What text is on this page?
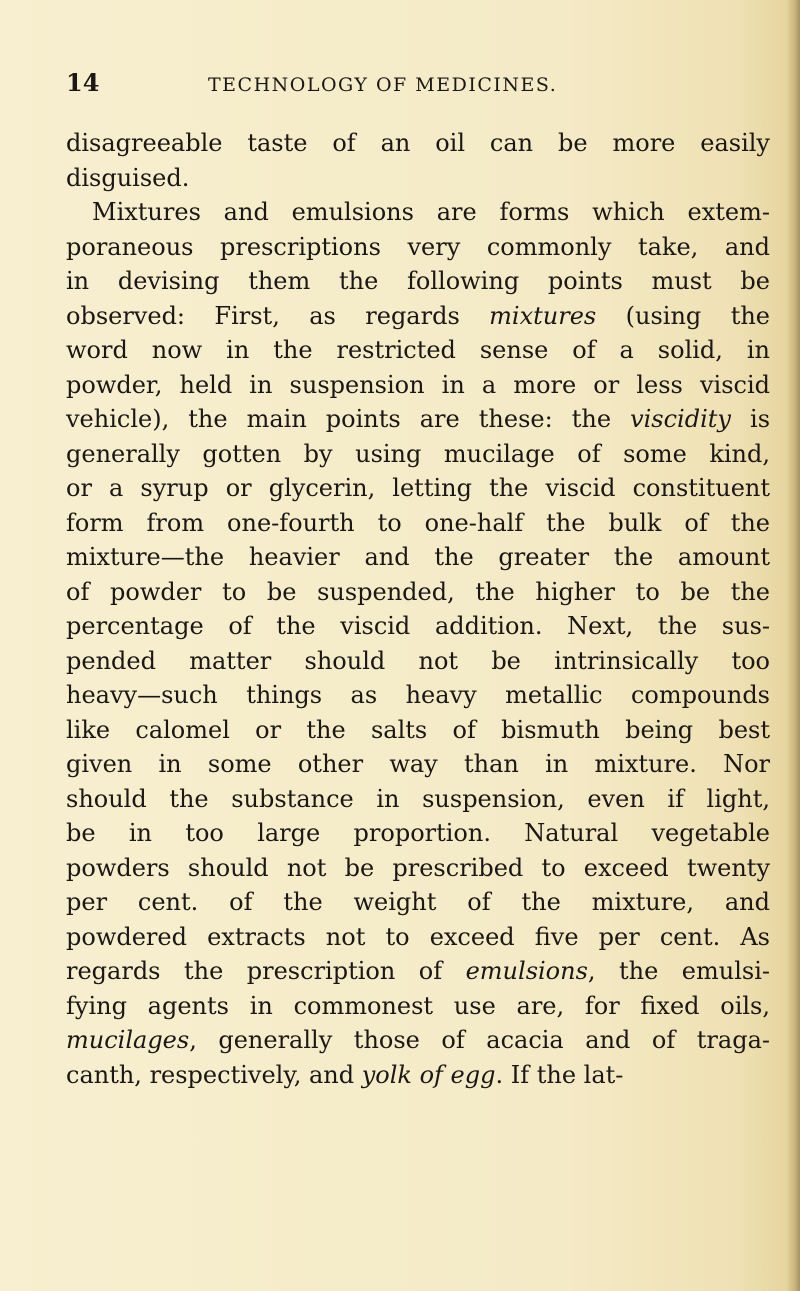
14	TECHNOLOGY OF MEDICINES.
disagreeable taste of an oil can be more easily
disguised.
Mixtures and emulsions are forms which extem-
poraneous prescriptions very commonly take, and
in devising them the following points must be
observed: First, as regards mixtures (using the
word now in the restricted sense of a solid, in
powder, held in suspension in a more or less viscid
vehicle), the main points are these: the viscidity is
generally gotten by using mucilage of some kind,
or a syrup or glycerin, letting the viscid constituent
form from one-fourth to one-half the bulk of the
mixture—the heavier and the greater the amount
of powder to be suspended, the higher to be the
percentage of the viscid addition. Next, the sus-
pended matter should not be intrinsically too
heavy—such things as heavy metallic compounds
like calomel or the salts of bismuth being best
given in some other way than in mixture. Nor
should the substance in suspension, even if light,
be in too large proportion. Natural vegetable
powders should not be prescribed to exceed twenty
per cent. of the weight of the mixture, and
powdered extracts not to exceed five per cent. As
regards the prescription of emulsions, the emulsi-
fying agents in commonest use are, for fixed oils,
mucilages, generally those of acacia and of traga-
canth, respectively, and yolk of egg. If the lat-
